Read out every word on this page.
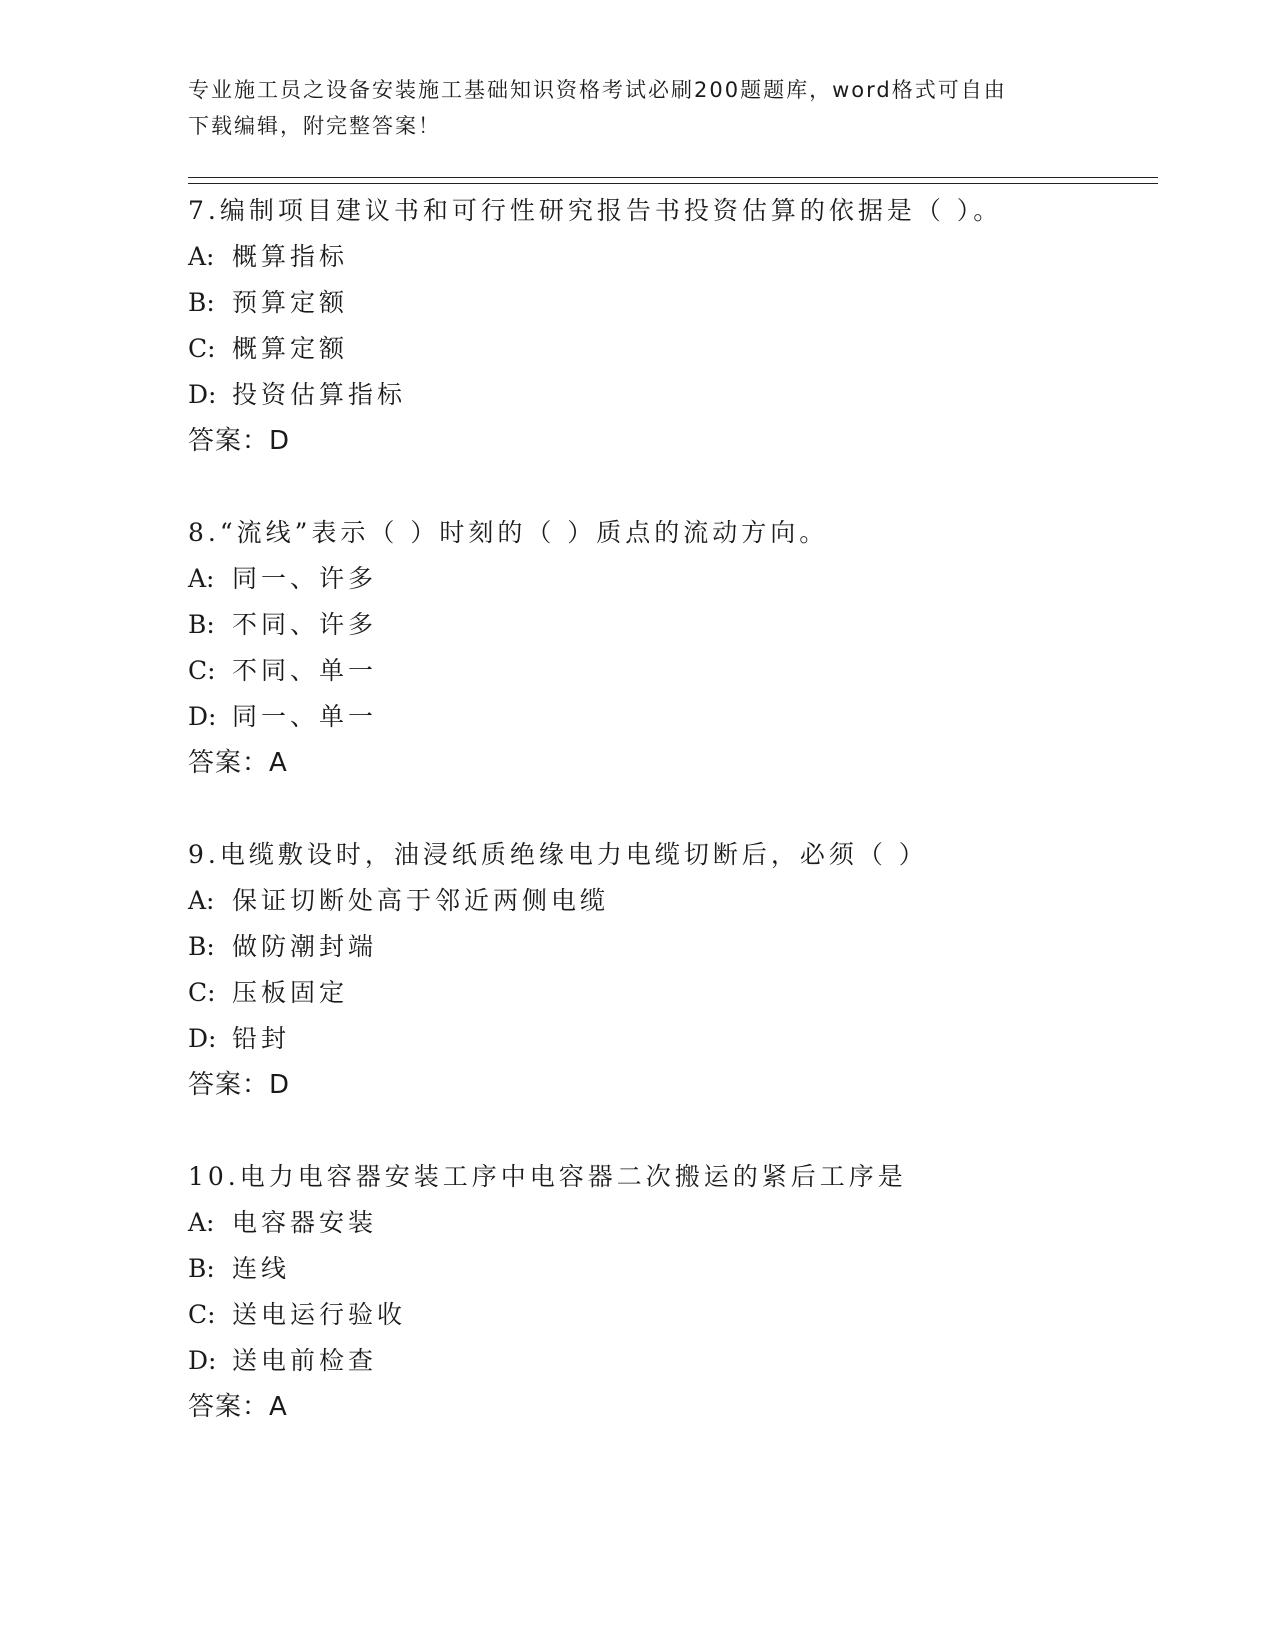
专业施工员之设备安装施工基础知识资格考试必刷200题题库，word格式可自由
下载编辑，附完整答案！
7.编制项目建议书和可行性研究报告书投资估算的依据是（ ）。
A: 概算指标
B: 预算定额
C: 概算定额
D: 投资估算指标
答案：D
8.“流线”表示（ ）时刻的（ ）质点的流动方向。
A: 同一、许多
B: 不同、许多
C: 不同、单一
D: 同一、单一
答案：A
9.电缆敷设时，油浸纸质绝缘电力电缆切断后，必须（ ）
A: 保证切断处高于邻近两侧电缆
B: 做防潮封端
C: 压板固定
D: 铅封
答案：D
10.电力电容器安装工序中电容器二次搬运的紧后工序是
A: 电容器安装
B: 连线
C: 送电运行验收
D: 送电前检查
答案：A
